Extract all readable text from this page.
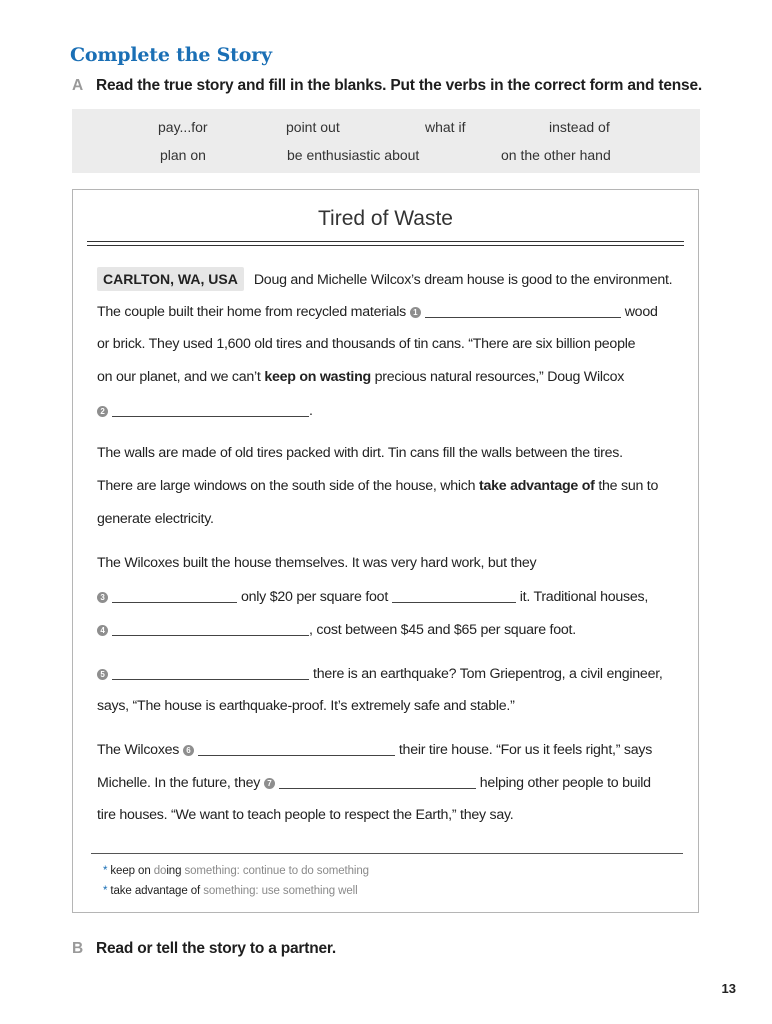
Complete the Story
A Read the true story and fill in the blanks. Put the verbs in the correct form and tense.
pay...for	point out	what if	instead of
plan on	be enthusiastic about	on the other hand
Tired of Waste
CARLTON, WA, USA Doug and Michelle Wilcox’s dream house is good to the environment.
The couple built their home from recycled materials 1	wood
or brick. They used 1,600 old tires and thousands of tin cans. “There are six billion people
on our planet, and we can’t keep on wasting precious natural resources,” Doug Wilcox
2	.
The walls are made of old tires packed with dirt. Tin cans fill the walls between the tires.
There are large windows on the south side of the house, which take advantage of the sun to
generate electricity.
The Wilcoxes built the house themselves. It was very hard work, but they
3	only $20 per square foot	it. Traditional houses,
4	, cost between $45 and $65 per square foot.
5	there is an earthquake? Tom Griepentrog, a civil engineer,
says, “The house is earthquake-proof. It’s extremely safe and stable.”
The Wilcoxes 6	their tire house. “For us it feels right,” says
Michelle. In the future, they 7	helping other people to build
tire houses. “We want to teach people to respect the Earth,” they say.
* keep on doing something: continue to do something
* take advantage of something: use something well
B Read or tell the story to a partner.
13
